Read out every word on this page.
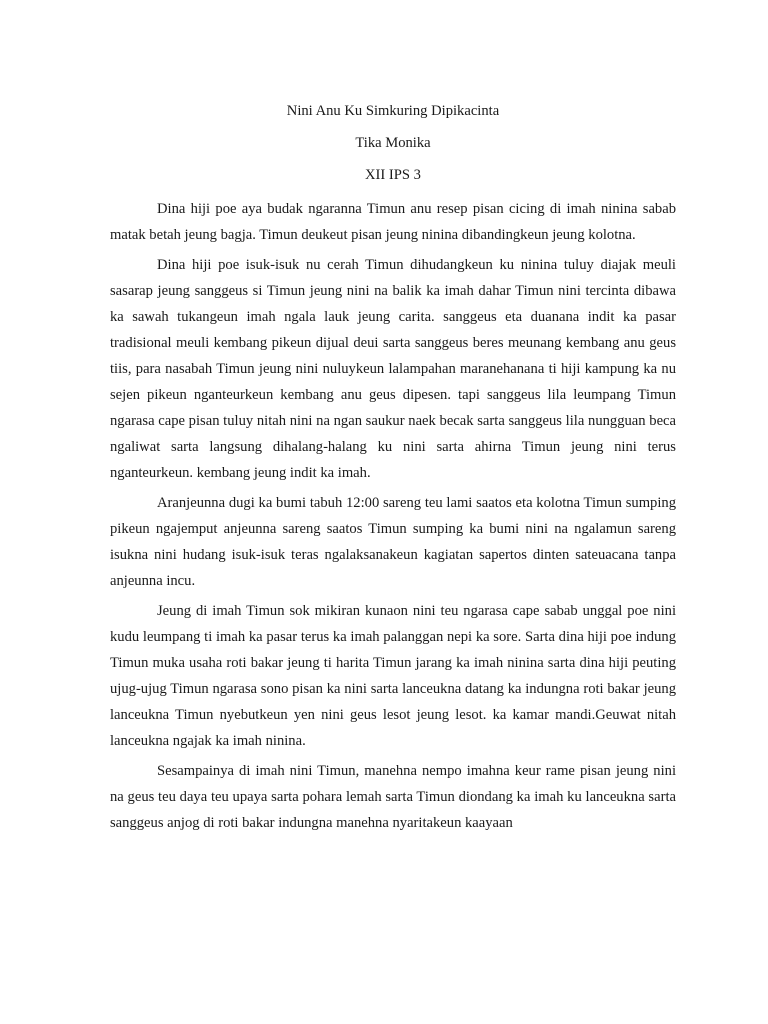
Nini Anu Ku Simkuring Dipikacinta

Tika Monika

XII IPS 3

Dina hiji poe aya budak ngaranna Timun anu resep pisan cicing di imah ninina sabab matak betah jeung bagja. Timun deukeut pisan jeung ninina dibandingkeun jeung kolotna.

Dina hiji poe isuk-isuk nu cerah Timun dihudangkeun ku ninina tuluy diajak meuli sasarap jeung sanggeus si Timun jeung nini na balik ka imah dahar Timun nini tercinta dibawa ka sawah tukangeun imah ngala lauk jeung carita. sanggeus eta duanana indit ka pasar tradisional meuli kembang pikeun dijual deui sarta sanggeus beres meunang kembang anu geus tiis, para nasabah Timun jeung nini nuluykeun lalampahan maranehanana ti hiji kampung ka nu sejen pikeun nganteurkeun kembang anu geus dipesen. tapi sanggeus lila leumpang Timun ngarasa cape pisan tuluy nitah nini na ngan saukur naek becak sarta sanggeus lila nungguan beca ngaliwat sarta langsung dihalang-halang ku nini sarta ahirna Timun jeung nini terus nganteurkeun. kembang jeung indit ka imah.

Aranjeunna dugi ka bumi tabuh 12:00 sareng teu lami saatos eta kolotna Timun sumping pikeun ngajemput anjeunna sareng saatos Timun sumping ka bumi nini na ngalamun sareng isukna nini hudang isuk-isuk teras ngalaksanakeun kagiatan sapertos dinten sateuacana tanpa anjeunna incu.

Jeung di imah Timun sok mikiran kunaon nini teu ngarasa cape sabab unggal poe nini kudu leumpang ti imah ka pasar terus ka imah palanggan nepi ka sore. Sarta dina hiji poe indung Timun muka usaha roti bakar jeung ti harita Timun jarang ka imah ninina sarta dina hiji peuting ujug-ujug Timun ngarasa sono pisan ka nini sarta lanceukna datang ka indungna roti bakar jeung lanceukna Timun nyebutkeun yen nini geus lesot jeung lesot. ka kamar mandi.Geuwat nitah lanceukna ngajak ka imah ninina.

Sesampainya di imah nini Timun, manehna nempo imahna keur rame pisan jeung nini na geus teu daya teu upaya sarta pohara lemah sarta Timun diondang ka imah ku lanceukna sarta sanggeus anjog di roti bakar indungna manehna nyaritakeun kaayaan
